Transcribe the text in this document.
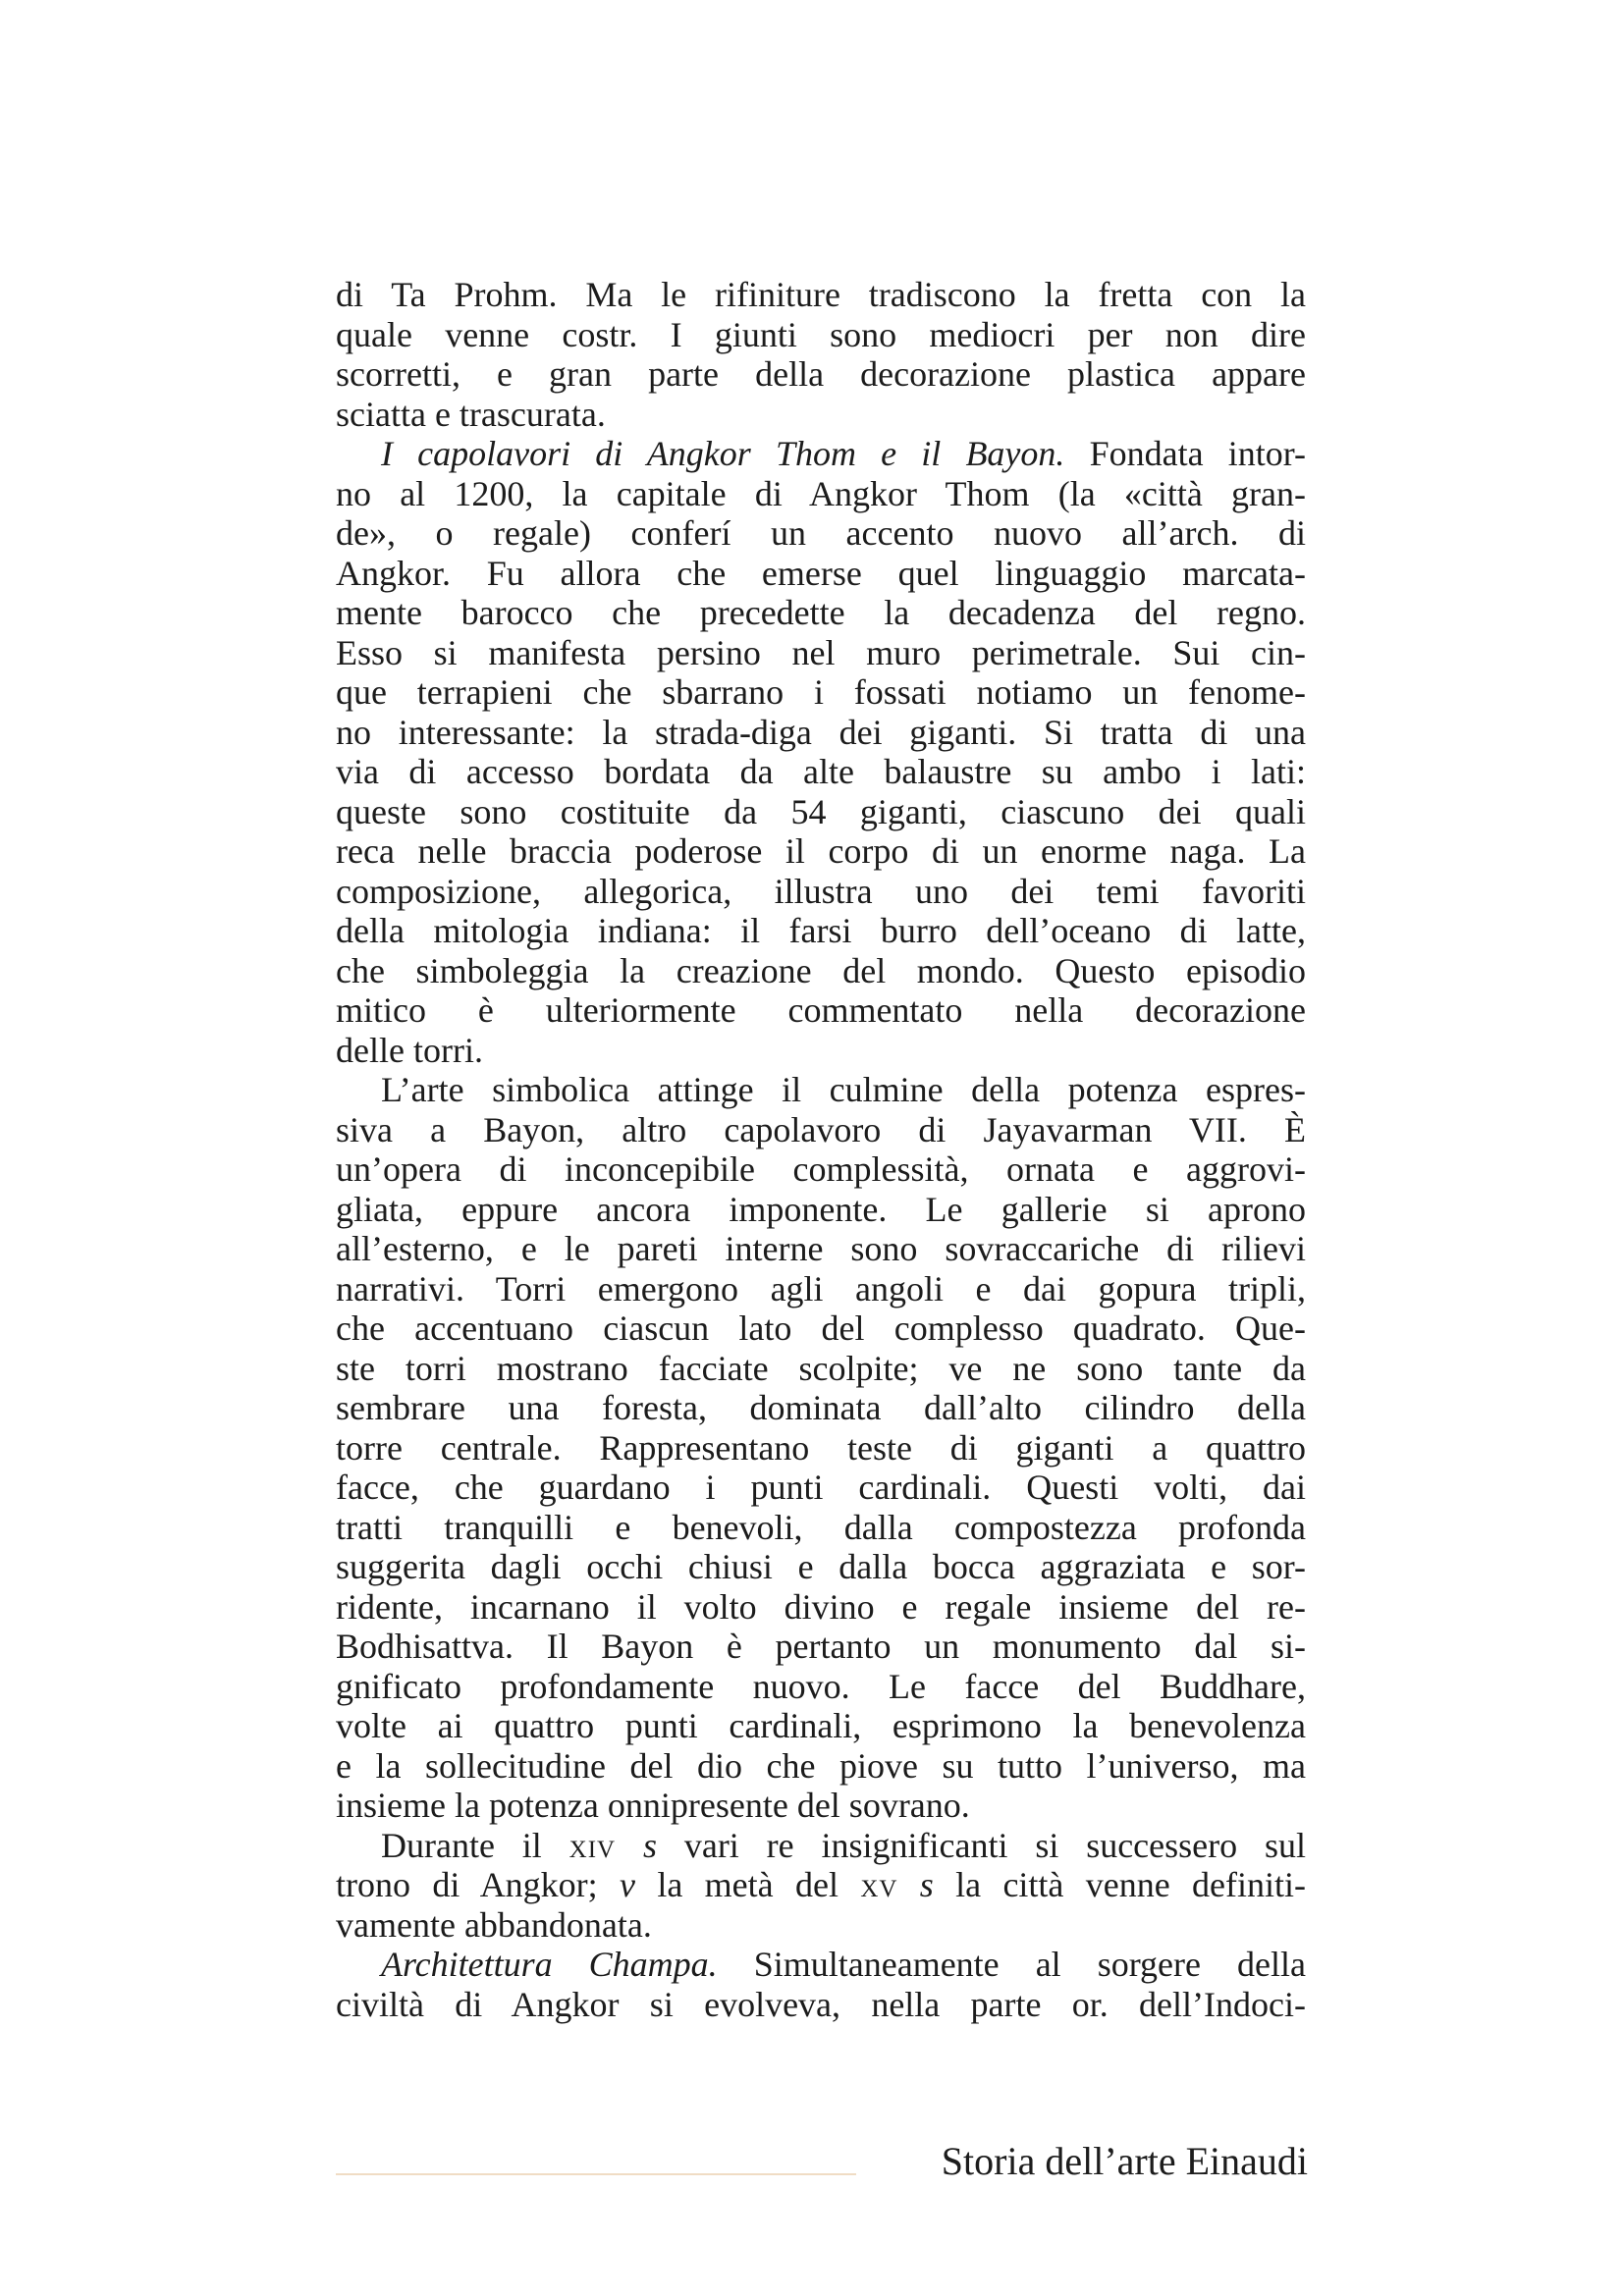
di Ta Prohm. Ma le rifiniture tradiscono la fretta con la
quale venne costr. I giunti sono mediocri per non dire
scorretti, e gran parte della decorazione plastica appare
sciatta e trascurata.
I capolavori di Angkor Thom e il Bayon. Fondata intor-
no al 1200, la capitale di Angkor Thom (la «città gran-
de», o regale) conferí un accento nuovo all’arch. di
Angkor. Fu allora che emerse quel linguaggio marcata-
mente barocco che precedette la decadenza del regno.
Esso si manifesta persino nel muro perimetrale. Sui cin-
que terrapieni che sbarrano i fossati notiamo un fenome-
no interessante: la strada-diga dei giganti. Si tratta di una
via di accesso bordata da alte balaustre su ambo i lati:
queste sono costituite da 54 giganti, ciascuno dei quali
reca nelle braccia poderose il corpo di un enorme naga. La
composizione, allegorica, illustra uno dei temi favoriti
della mitologia indiana: il farsi burro dell’oceano di latte,
che simboleggia la creazione del mondo. Questo episodio
mitico è ulteriormente commentato nella decorazione
delle torri.
L’arte simbolica attinge il culmine della potenza espres-
siva a Bayon, altro capolavoro di Jayavarman VII. È
un’opera di inconcepibile complessità, ornata e aggrovi-
gliata, eppure ancora imponente. Le gallerie si aprono
all’esterno, e le pareti interne sono sovraccariche di rilievi
narrativi. Torri emergono agli angoli e dai gopura tripli,
che accentuano ciascun lato del complesso quadrato. Que-
ste torri mostrano facciate scolpite; ve ne sono tante da
sembrare una foresta, dominata dall’alto cilindro della
torre centrale. Rappresentano teste di giganti a quattro
facce, che guardano i punti cardinali. Questi volti, dai
tratti tranquilli e benevoli, dalla compostezza profonda
suggerita dagli occhi chiusi e dalla bocca aggraziata e sor-
ridente, incarnano il volto divino e regale insieme del re-
Bodhisattva. Il Bayon è pertanto un monumento dal si-
gnificato profondamente nuovo. Le facce del Buddhare,
volte ai quattro punti cardinali, esprimono la benevolenza
e la sollecitudine del dio che piove su tutto l’universo, ma
insieme la potenza onnipresente del sovrano.
Durante il xiv s vari re insignificanti si successero sul
trono di Angkor; v la metà del xv s la città venne definiti-
vamente abbandonata.
Architettura Champa. Simultaneamente al sorgere della
civiltà di Angkor si evolveva, nella parte or. dell’Indoci-
Storia dell’arte Einaudi
